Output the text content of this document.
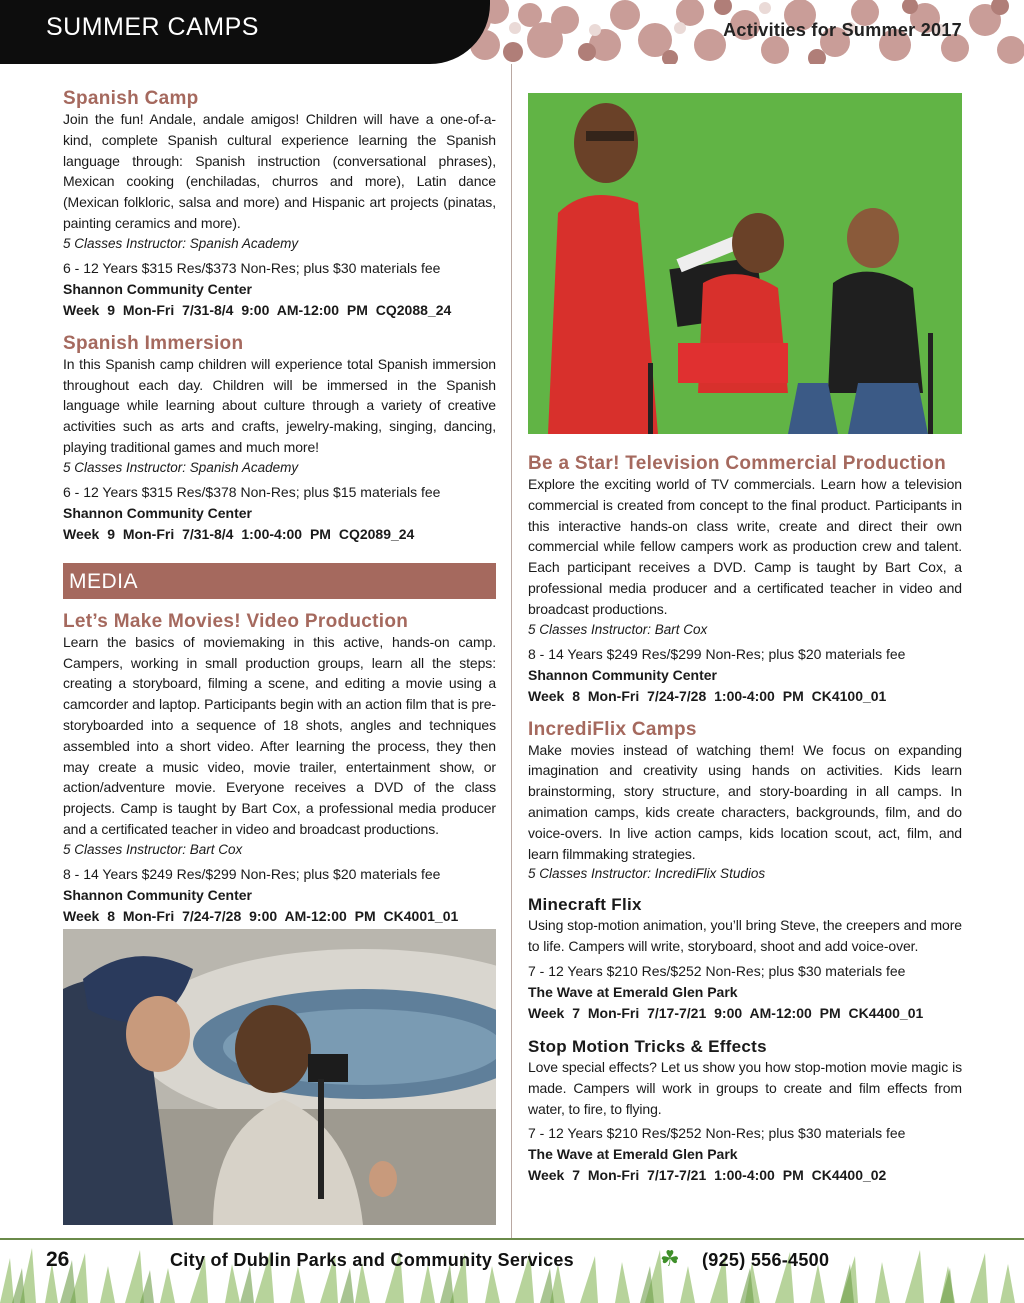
SUMMER CAMPS	Activities for Summer 2017
Spanish Camp

Join the fun! Andale, andale amigos! Children will have a one-of-a-kind, complete Spanish cultural experience learning the Spanish language through: Spanish instruction (conversational phrases), Mexican cooking (enchiladas, churros and more), Latin dance (Mexican folkloric, salsa and more) and Hispanic art projects (pinatas, painting ceramics and more).

5 Classes Instructor: Spanish Academy

6 - 12 Years $315 Res/$373 Non-Res; plus $30 materials fee

Shannon Community Center

Week 9 Mon-Fri 7/31-8/4 9:00 AM-12:00 PM CQ2088_24

Spanish Immersion

In this Spanish camp children will experience total Spanish immersion throughout each day. Children will be immersed in the Spanish language while learning about culture through a variety of creative activities such as arts and crafts, jewelry-making, singing, dancing, playing traditional games and much more!

5 Classes Instructor: Spanish Academy

6 - 12 Years $315 Res/$378 Non-Res; plus $15 materials fee

Shannon Community Center

Week 9 Mon-Fri 7/31-8/4 1:00-4:00 PM CQ2089_24

MEDIA
Let’s Make Movies! Video Production

Learn the basics of moviemaking in this active, hands-on camp. Campers, working in small production groups, learn all the steps: creating a storyboard, filming a scene, and editing a movie using a camcorder and laptop. Participants begin with an action film that is pre-storyboarded into a sequence of 18 shots, angles and techniques assembled into a short video. After learning the process, they then may create a music video, movie trailer, entertainment show, or action/adventure movie. Everyone receives a DVD of the class projects. Camp is taught by Bart Cox, a professional media producer and a certificated teacher in video and broadcast productions.

5 Classes Instructor: Bart Cox

8 - 14 Years $249 Res/$299 Non-Res; plus $20 materials fee

Shannon Community Center

Week 8 Mon-Fri 7/24-7/28 9:00 AM-12:00 PM CK4001_01

Be a Star! Television Commercial Production

Explore the exciting world of TV commercials. Learn how a television commercial is created from concept to the final product. Participants in this interactive hands-on class write, create and direct their own commercial while fellow campers work as production crew and talent. Each participant receives a DVD. Camp is taught by Bart Cox, a professional media producer and a certificated teacher in video and broadcast productions.

5 Classes Instructor: Bart Cox

8 - 14 Years $249 Res/$299 Non-Res; plus $20 materials fee

Shannon Community Center

Week 8 Mon-Fri 7/24-7/28 1:00-4:00 PM CK4100_01

IncrediFlix Camps

Make movies instead of watching them! We focus on expanding imagination and creativity using hands on activities. Kids learn brainstorming, story structure, and story-boarding in all camps. In animation camps, kids create characters, backgrounds, film, and do voice-overs. In live action camps, kids location scout, act, film, and learn filmmaking strategies.

5 Classes Instructor: IncrediFlix Studios

Minecraft Flix

Using stop-motion animation, you’ll bring Steve, the creepers and more to life. Campers will write, storyboard, shoot and add voice-over.

7 - 12 Years $210 Res/$252 Non-Res; plus $30 materials fee

The Wave at Emerald Glen Park

Week 7 Mon-Fri 7/17-7/21 9:00 AM-12:00 PM CK4400_01

Stop Motion Tricks & Effects

Love special effects? Let us show you how stop-motion movie magic is made. Campers will work in groups to create and film effects from water, to fire, to flying.

7 - 12 Years $210 Res/$252 Non-Res; plus $30 materials fee

The Wave at Emerald Glen Park

Week 7 Mon-Fri 7/17-7/21 1:00-4:00 PM CK4400_02

26	City of Dublin Parks and Community Services	☘ (925) 556-4500
